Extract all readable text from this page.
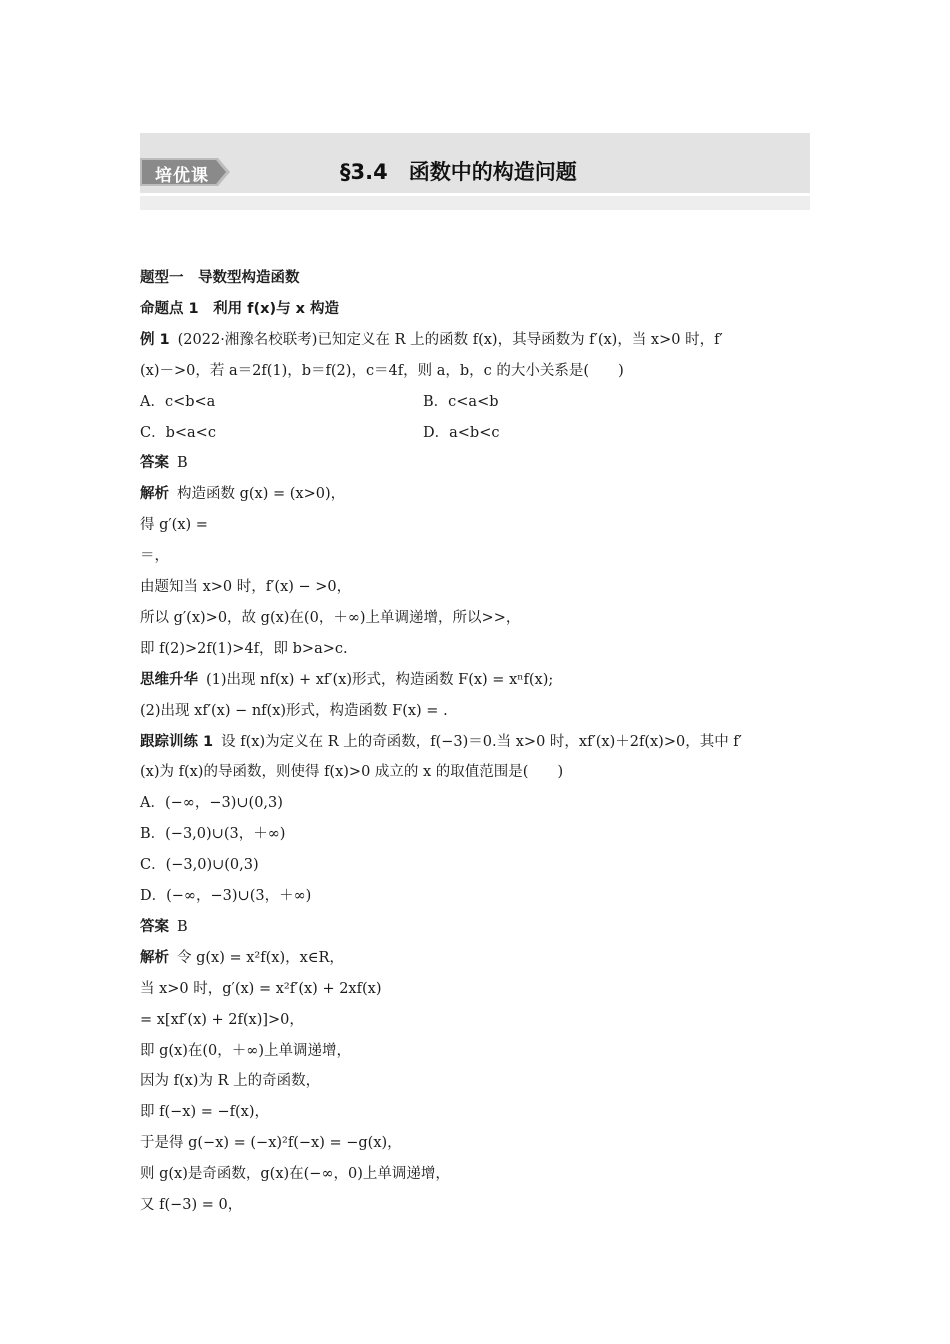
培优课	§3.4　函数中的构造问题
题型一　导数型构造函数
命题点 1　利用 f(x)与 x 构造
例 1 (2022·湘豫名校联考)已知定义在 R 上的函数 f(x)，其导函数为 f′(x)，当 x>0 时，f′
(x)－>0，若 a＝2f(1)，b＝f(2)，c＝4f，则 a，b，c 的大小关系是(　　)
A．c<b<a	B．c<a<b
C．b<a<c	D．a<b<c
答案 B
解析 构造函数 g(x) = (x>0)，
得 g′(x) =
＝，
由题知当 x>0 时，f′(x) − >0，
所以 g′(x)>0，故 g(x)在(0，＋∞)上单调递增，所以>>，
即 f(2)>2f(1)>4f，即 b>a>c.
思维升华 (1)出现 nf(x) + xf′(x)形式，构造函数 F(x) = xⁿf(x);
(2)出现 xf′(x) − nf(x)形式，构造函数 F(x) = .
跟踪训练 1 设 f(x)为定义在 R 上的奇函数，f(−3)＝0.当 x>0 时，xf′(x)＋2f(x)>0，其中 f′
(x)为 f(x)的导函数，则使得 f(x)>0 成立的 x 的取值范围是(　　)
A．(−∞，−3)∪(0,3)
B．(−3,0)∪(3，＋∞)
C．(−3,0)∪(0,3)
D．(−∞，−3)∪(3，＋∞)
答案 B
解析 令 g(x) = x²f(x)，x∈R，
当 x>0 时，g′(x) = x²f′(x) + 2xf(x)
= x[xf′(x) + 2f(x)]>0，
即 g(x)在(0，＋∞)上单调递增，
因为 f(x)为 R 上的奇函数，
即 f(−x) = −f(x)，
于是得 g(−x) = (−x)²f(−x) = −g(x)，
则 g(x)是奇函数，g(x)在(−∞，0)上单调递增，
又 f(−3) = 0，
